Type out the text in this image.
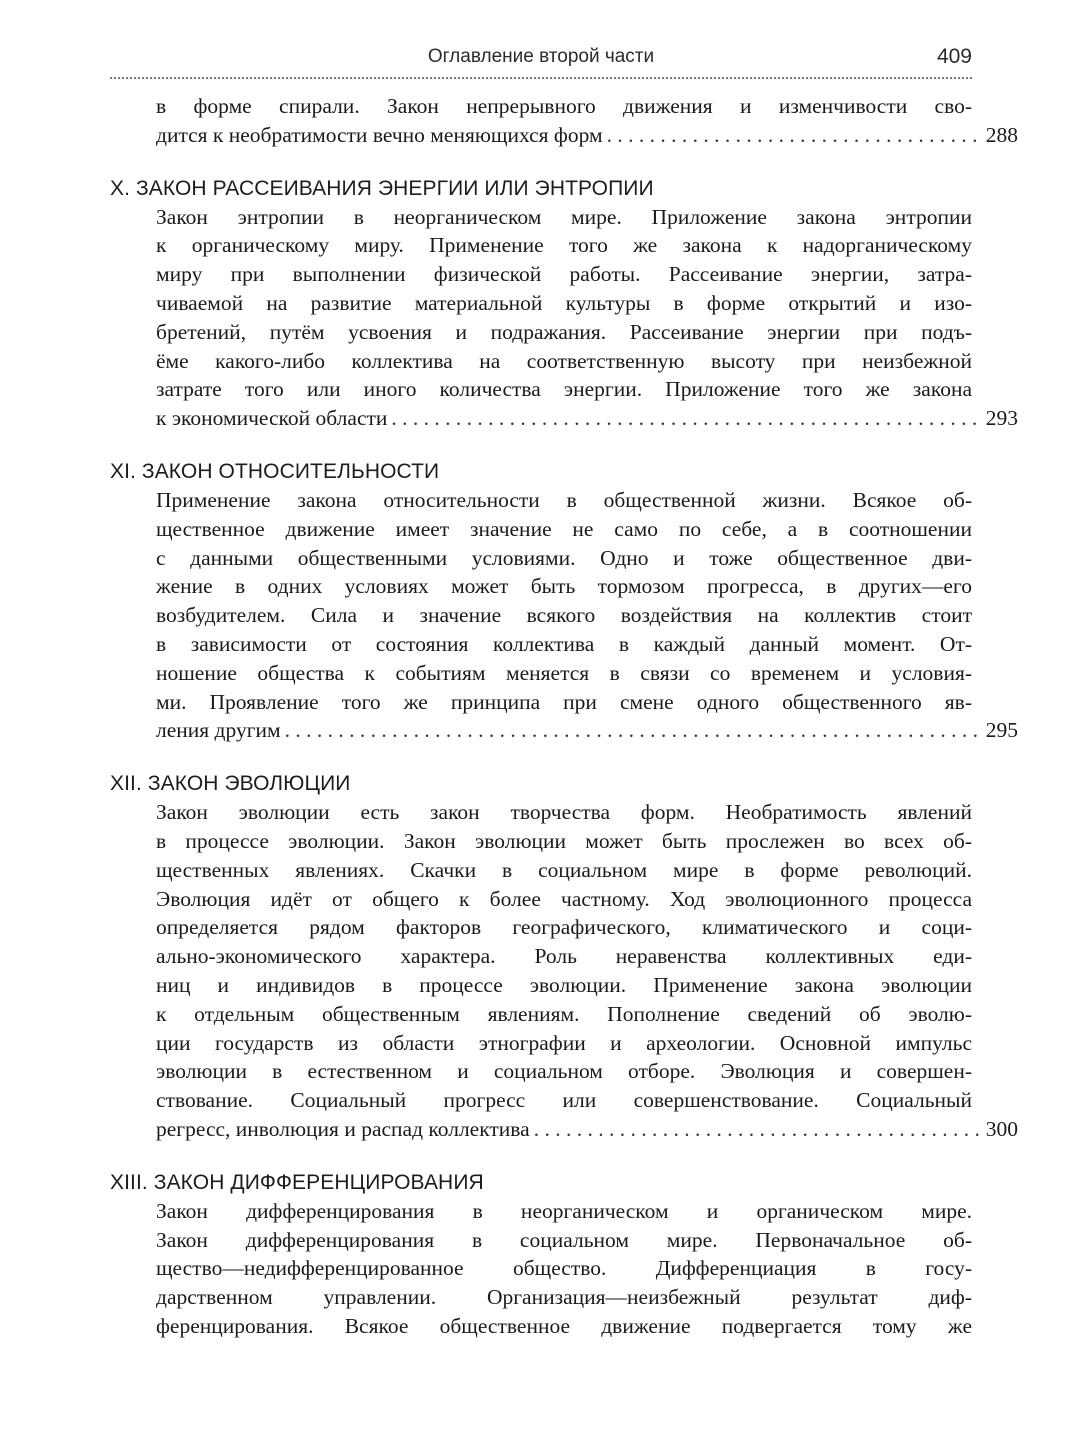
Оглавление второй части	409
в форме спирали. Закон непрерывного движения и изменчивости сво-
дится к необратимости вечно меняющихся форм . . .	288
X. ЗАКОН РАССЕИВАНИЯ ЭНЕРГИИ ИЛИ ЭНТРОПИИ
Закон энтропии в неорганическом мире. Приложение закона энтропии
к органическому миру. Применение того же закона к надорганическому
миру при выполнении физической работы. Рассеивание энергии, затра-
чиваемой на развитие материальной культуры в форме открытий и изо-
бретений, путём усвоения и подражания. Рассеивание энергии при подъ-
ёме какого-либо коллектива на соответственную высоту при неизбежной
затрате того или иного количества энергии. Приложение того же закона
к экономической области . . .	293
XI. ЗАКОН ОТНОСИТЕЛЬНОСТИ
Применение закона относительности в общественной жизни. Всякое об-
щественное движение имеет значение не само по себе, а в соотношении
с данными общественными условиями. Одно и тоже общественное дви-
жение в одних условиях может быть тормозом прогресса, в других—его
возбудителем. Сила и значение всякого воздействия на коллектив стоит
в зависимости от состояния коллектива в каждый данный момент. От-
ношение общества к событиям меняется в связи со временем и условия-
ми. Проявление того же принципа при смене одного общественного яв-
ления другим . . .	295
XII. ЗАКОН ЭВОЛЮЦИИ
Закон эволюции есть закон творчества форм. Необратимость явлений
в процессе эволюции. Закон эволюции может быть прослежен во всех об-
щественных явлениях. Скачки в социальном мире в форме революций.
Эволюция идёт от общего к более частному. Ход эволюционного процесса
определяется рядом факторов географического, климатического и соци-
ально-экономического характера. Роль неравенства коллективных еди-
ниц и индивидов в процессе эволюции. Применение закона эволюции
к отдельным общественным явлениям. Пополнение сведений об эволю-
ции государств из области этнографии и археологии. Основной импульс
эволюции в естественном и социальном отборе. Эволюция и совершен-
ствование. Социальный прогресс или совершенствование. Социальный
регресс, инволюция и распад коллектива . . .	300
XIII. ЗАКОН ДИФФЕРЕНЦИРОВАНИЯ
Закон дифференцирования в неорганическом и органическом мире.
Закон дифференцирования в социальном мире. Первоначальное об-
щество—недифференцированное общество. Дифференциация в госу-
дарственном управлении. Организация—неизбежный результат диф-
ференцирования. Всякое общественное движение подвергается тому же
